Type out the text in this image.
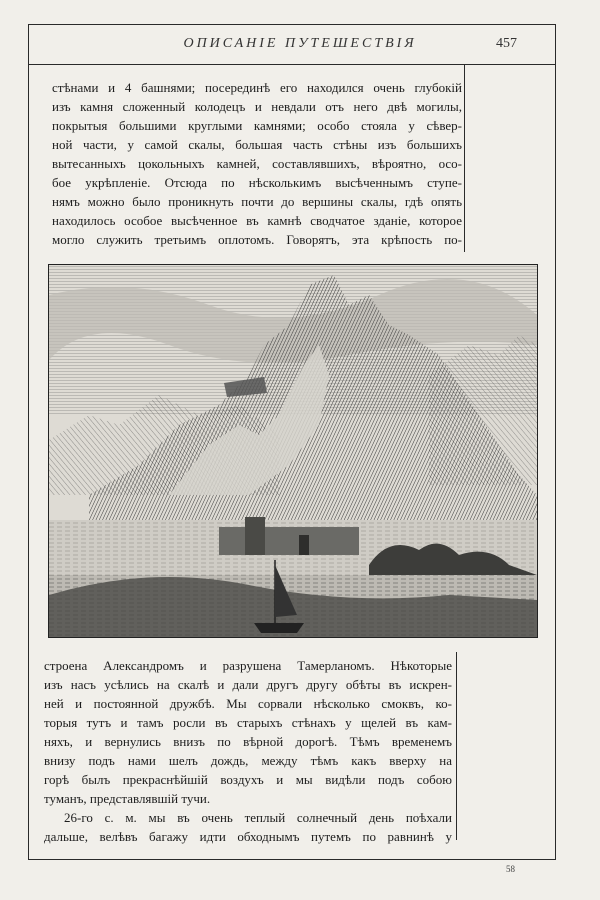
ОПИСАНІЕ ПУТЕШЕСТВІЯ	457
стѣнами и 4 башнями; посерединѣ его находился очень глубокій
изъ камня сложенный колодецъ и невдали отъ него двѣ могилы,
покрытыя большими круглыми камнями; особо стояла у сѣвер-
ной части, у самой скалы, большая часть стѣны изъ большихъ
вытесанныхъ цокольныхъ камней, составлявшихъ, вѣроятно, осо-
бое укрѣпленіе. Отсюда по нѣсколькимъ высѣченнымъ ступе-
нямъ можно было проникнуть почти до вершины скалы, гдѣ опять
находилось особое высѣченное въ камнѣ сводчатое зданіе, которое
могло служить третьимъ оплотомъ. Говорятъ, эта крѣпость по-
строена Александромъ и разрушена Тамерланомъ. Нѣкоторые
изъ насъ усѣлись на скалѣ и дали другъ другу обѣты въ искрен-
ней и постоянной дружбѣ. Мы сорвали нѣсколько смоквъ, ко-
торыя тутъ и тамъ росли въ старыхъ стѣнахъ у щелей въ кам-
няхъ, и вернулись внизъ по вѣрной дорогѣ. Тѣмъ временемъ
внизу подъ нами шелъ дождь, между тѣмъ какъ вверху на
горѣ былъ прекраснѣйшій воздухъ и мы видѣли подъ собою
туманъ, представлявшій тучи.
26-го с. м. мы въ очень теплый солнечный день поѣхали
дальше, велѣвъ багажу идти обходнымъ путемъ по равнинѣ у
58
